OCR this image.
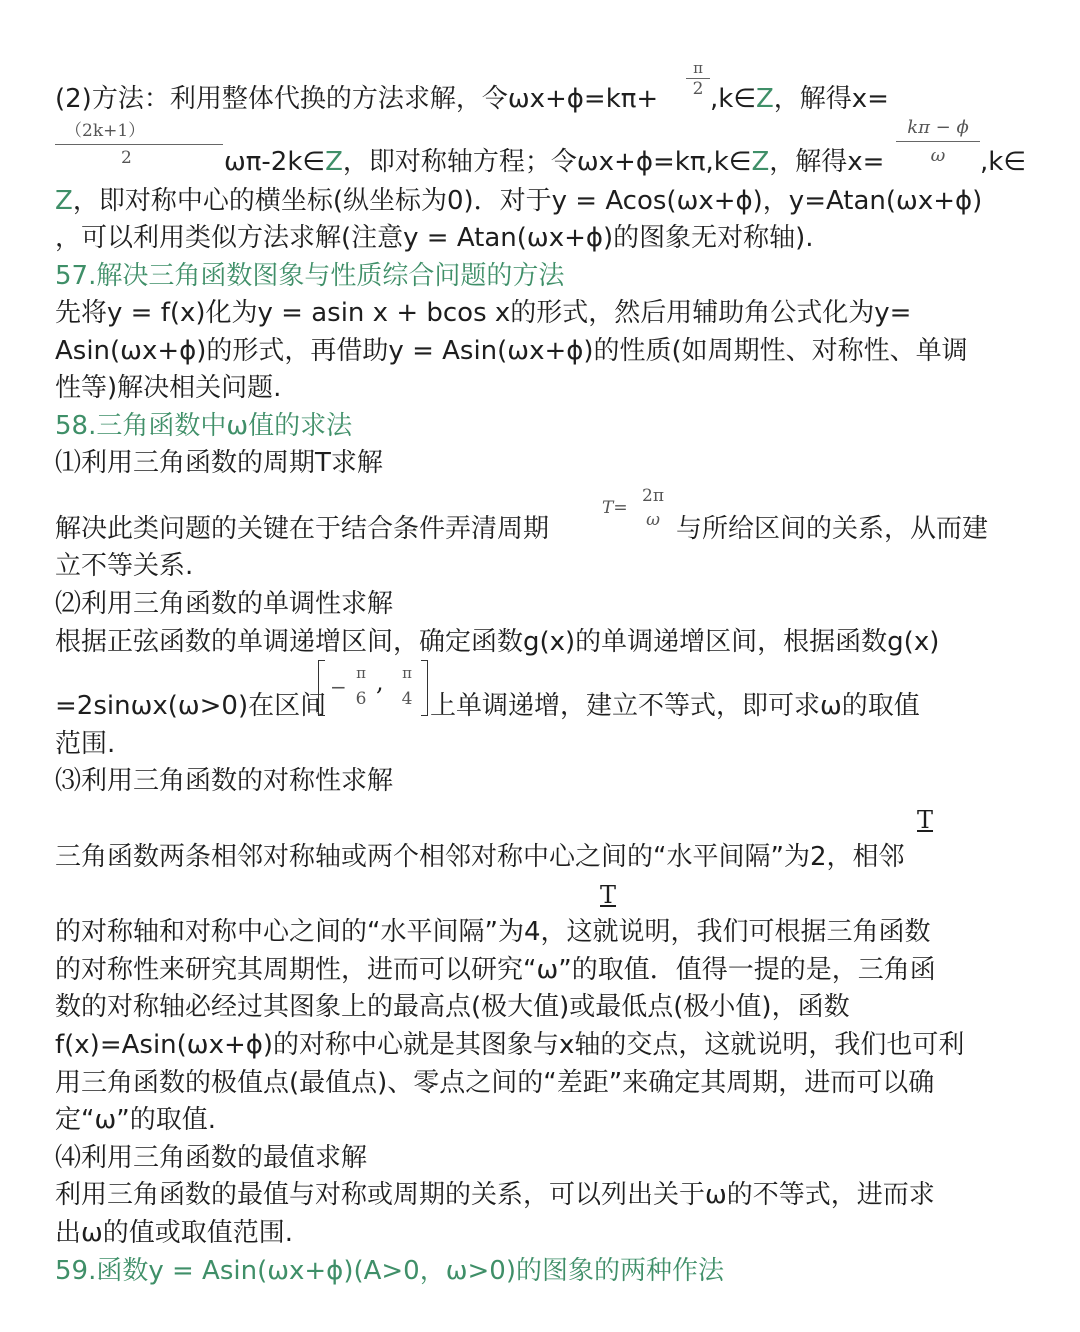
(2)方法：利用整体代换的方法求解，令ωx+ϕ=kπ+
π
2 ,k∈Z，解得x=
（2k+1）
2	ωπ-2k∈Z，即对称轴方程；令ωx+ϕ=kπ,k∈Z，解得x=
kπ − ϕ
ω	,k∈
Z，即对称中心的横坐标(纵坐标为0)．对于y = Acos(ωx+ϕ)，y=Atan(ωx+ϕ)
，可以利用类似方法求解(注意y = Atan(ωx+ϕ)的图象无对称轴).
57.解决三角函数图象与性质综合问题的方法
先将y = f(x)化为y = asin x + bcos x的形式，然后用辅助角公式化为y=
Asin(ωx+ϕ)的形式，再借助y = Asin(ωx+ϕ)的性质(如周期性、对称性、单调
性等)解决相关问题.
58.三角函数中ω值的求法
⑴利用三角函数的周期T求解
解决此类问题的关键在于结合条件弄清周期
T=
2π
ω 与所给区间的关系，从而建
立不等关系.
⑵利用三角函数的单调性求解
根据正弦函数的单调递增区间，确定函数g(x)的单调递增区间，根据函数g(x)
=2sinωx(ω>0)在区间
−
π
6
,	π
4 上单调递增，建立不等式，即可求ω的取值
范围.
⑶利用三角函数的对称性求解
T
三角函数两条相邻对称轴或两个相邻对称中心之间的“水平间隔”为2，相邻
T
的对称轴和对称中心之间的“水平间隔”为4，这就说明，我们可根据三角函数
的对称性来研究其周期性，进而可以研究“ω”的取值．值得一提的是，三角函
数的对称轴必经过其图象上的最高点(极大值)或最低点(极小值)，函数
f(x)=Asin(ωx+ϕ)的对称中心就是其图象与x轴的交点，这就说明，我们也可利
用三角函数的极值点(最值点)、零点之间的“差距”来确定其周期，进而可以确
定“ω”的取值.
⑷利用三角函数的最值求解
利用三角函数的最值与对称或周期的关系，可以列出关于ω的不等式，进而求
出ω的值或取值范围.
59.函数y = Asin(ωx+ϕ)(A>0，ω>0)的图象的两种作法
